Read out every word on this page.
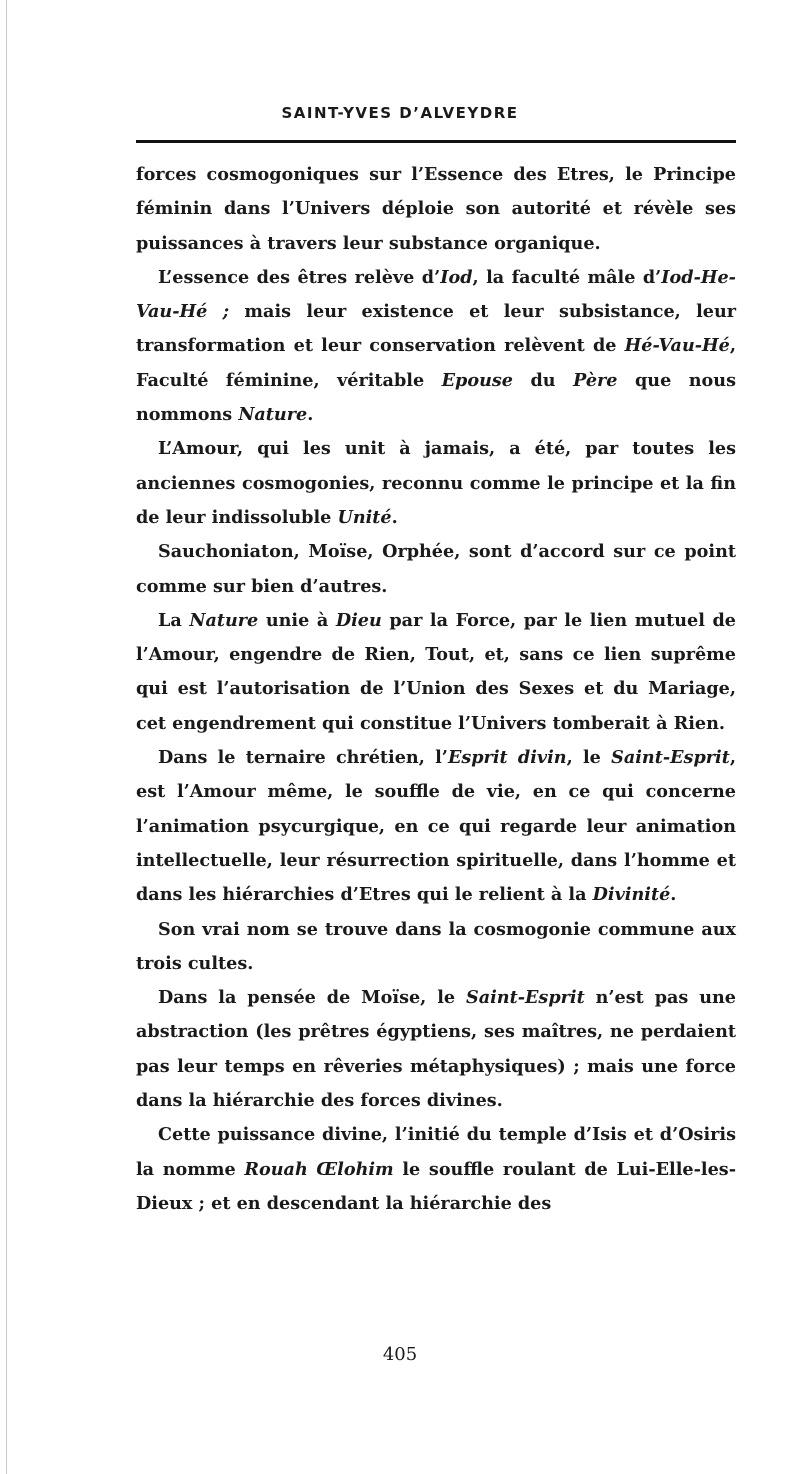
SAINT-YVES D’ALVEYDRE

forces cosmogoniques sur l’Essence des Etres, le Principe féminin dans l’Univers déploie son autorité et révèle ses puissances à travers leur substance organique.

L’essence des êtres relève d’Iod, la faculté mâle d’Iod-He-Vau-Hé ; mais leur existence et leur subsistance, leur transformation et leur conservation relèvent de Hé-Vau-Hé, Faculté féminine, véritable Epouse du Père que nous nommons Nature.

L’Amour, qui les unit à jamais, a été, par toutes les anciennes cosmogonies, reconnu comme le principe et la fin de leur indissoluble Unité.

Sauchoniaton, Moïse, Orphée, sont d’accord sur ce point comme sur bien d’autres.

La Nature unie à Dieu par la Force, par le lien mutuel de l’Amour, engendre de Rien, Tout, et, sans ce lien suprême qui est l’autorisation de l’Union des Sexes et du Mariage, cet engendrement qui constitue l’Univers tomberait à Rien.

Dans le ternaire chrétien, l’Esprit divin, le Saint-Esprit, est l’Amour même, le souffle de vie, en ce qui concerne l’animation psycurgique, en ce qui regarde leur animation intellectuelle, leur résurrection spirituelle, dans l’homme et dans les hiérarchies d’Etres qui le relient à la Divinité.

Son vrai nom se trouve dans la cosmogonie commune aux trois cultes.

Dans la pensée de Moïse, le Saint-Esprit n’est pas une abstraction (les prêtres égyptiens, ses maîtres, ne perdaient pas leur temps en rêveries métaphysiques) ; mais une force dans la hiérarchie des forces divines.

Cette puissance divine, l’initié du temple d’Isis et d’Osiris la nomme Rouah Œlohim le souffle roulant de Lui-Elle-les-Dieux ; et en descendant la hiérarchie des

405
